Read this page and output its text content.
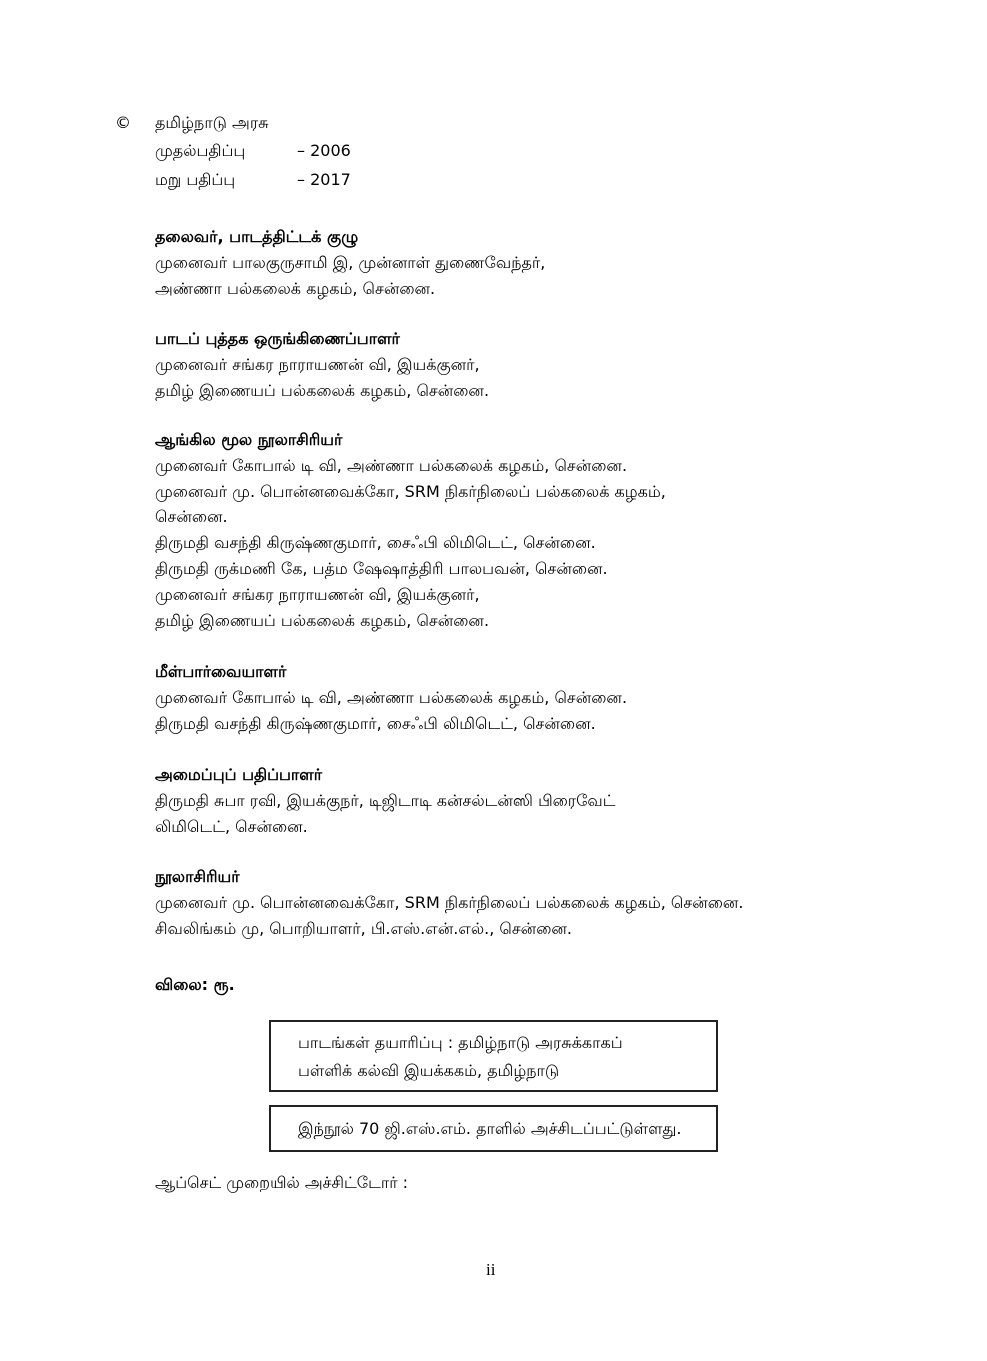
© தமிழ்நாடு அரசு
முதல்பதிப்பு	– 2006
மறு பதிப்பு	– 2017
தலைவர், பாடத்திட்டக் குழு
முனைவர் பாலகுருசாமி இ, முன்னாள் துணைவேந்தர்,
அண்ணா பல்கலைக் கழகம், சென்னை.
பாடப் புத்தக ஒருங்கிணைப்பாளர்
முனைவர் சங்கர நாராயணன் வி, இயக்குனர்,
தமிழ் இணையப் பல்கலைக் கழகம், சென்னை.
ஆங்கில மூல நூலாசிரியர்
முனைவர் கோபால் டி வி, அண்ணா பல்கலைக் கழகம், சென்னை.
முனைவர் மு. பொன்னவைக்கோ, SRM நிகர்நிலைப் பல்கலைக் கழகம்,
சென்னை.
திருமதி வசந்தி கிருஷ்ணகுமார், சைஃபி லிமிடெட், சென்னை.
திருமதி ருக்மணி கே, பத்ம ஷேஷாத்திரி பாலபவன், சென்னை.
முனைவர் சங்கர நாராயணன் வி, இயக்குனர்,
தமிழ் இணையப் பல்கலைக் கழகம், சென்னை.
மீள்பார்வையாளர்
முனைவர் கோபால் டி வி, அண்ணா பல்கலைக் கழகம், சென்னை.
திருமதி வசந்தி கிருஷ்ணகுமார், சைஃபி லிமிடெட், சென்னை.
அமைப்புப் பதிப்பாளர்
திருமதி சுபா ரவி, இயக்குநர், டிஜிடாடி கன்சல்டன்ஸி பிரைவேட்
லிமிடெட், சென்னை.
நூலாசிரியர்
முனைவர் மு. பொன்னவைக்கோ, SRM நிகர்நிலைப் பல்கலைக் கழகம், சென்னை.
சிவலிங்கம் மு, பொறியாளர், பி.எஸ்.என்.எல்., சென்னை.
விலை: ரூ.
பாடங்கள் தயாரிப்பு : தமிழ்நாடு அரசுக்காகப்
பள்ளிக் கல்வி இயக்ககம், தமிழ்நாடு
இந்நூல் 70 ஜி.எஸ்.எம். தாளில் அச்சிடப்பட்டுள்ளது.
ஆப்செட் முறையில் அச்சிட்டோர் :
ii
